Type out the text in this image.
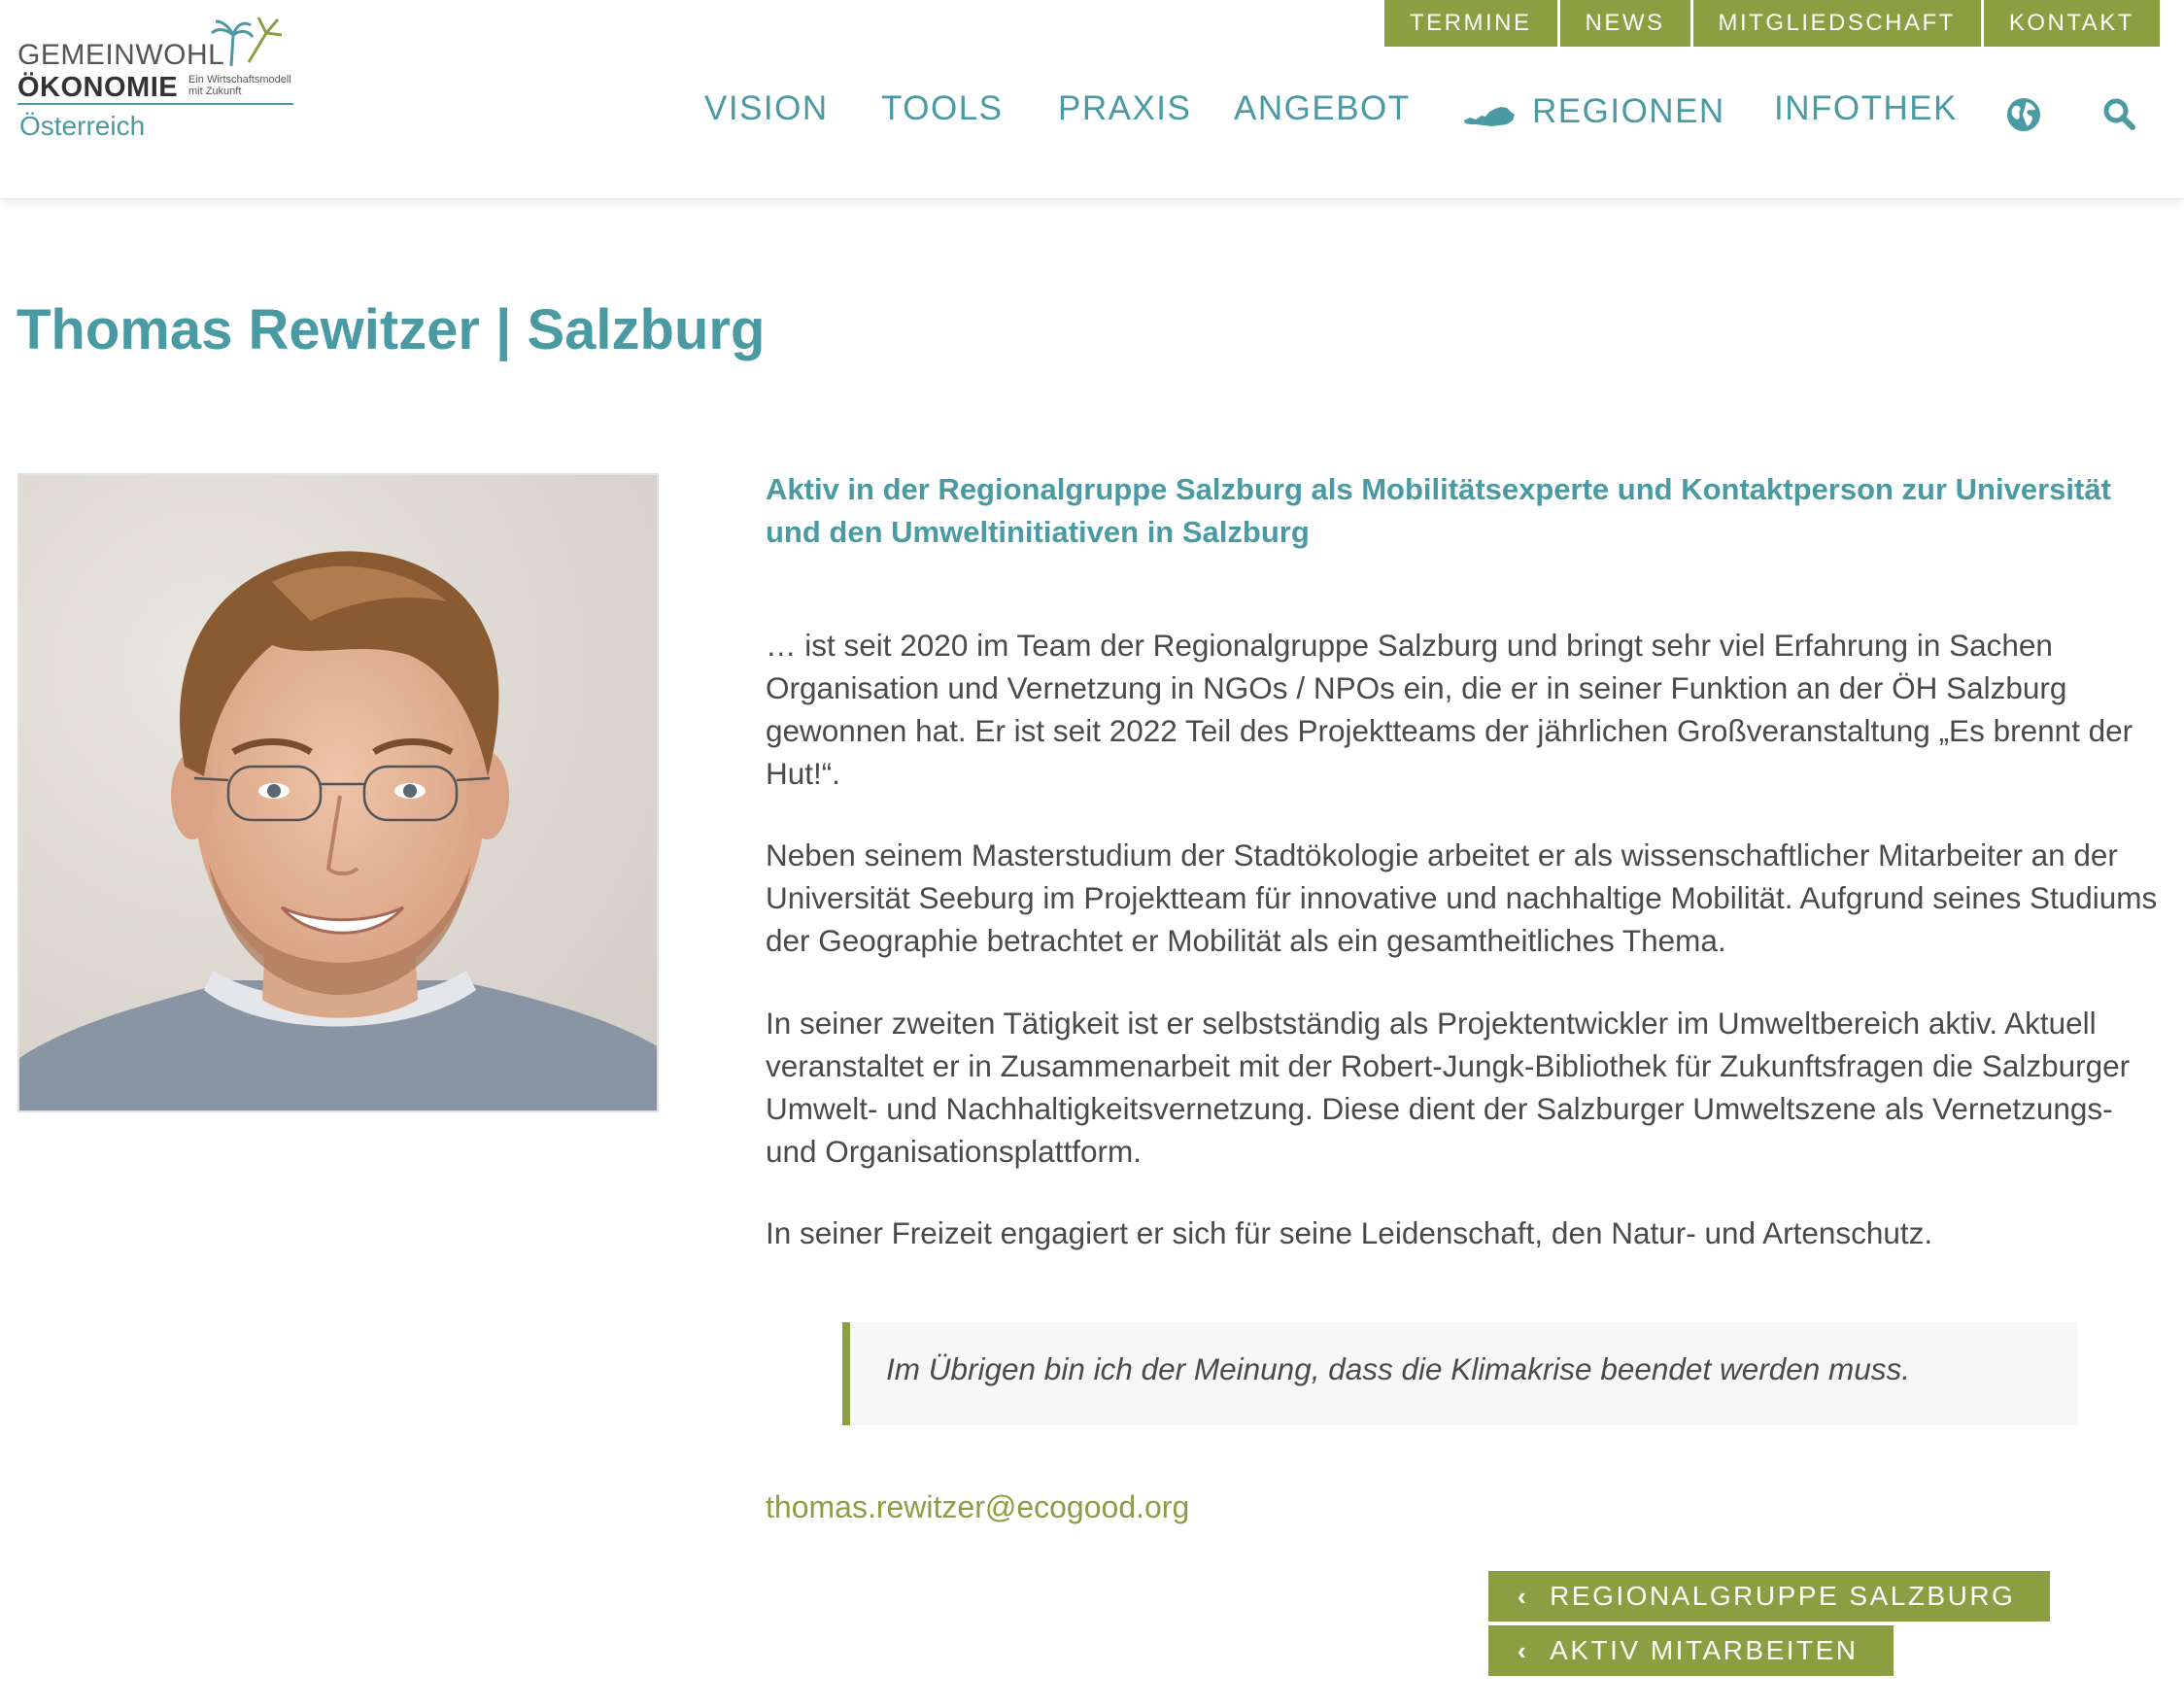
GEMEINWOHL
ÖKONOMIE Ein Wirtschaftsmodell
mit Zukunft
Österreich
TERMINE	NEWS	MITGLIEDSCHAFT	KONTAKT
VISION TOOLS PRAXIS ANGEBOT	REGIONEN INFOTHEK
Thomas Rewitzer | Salzburg
Aktiv in der Regionalgruppe Salzburg als Mobilitätsexperte und Kontaktperson zur Universität und den Umweltinitiativen in Salzburg

… ist seit 2020 im Team der Regionalgruppe Salzburg und bringt sehr viel Erfahrung in Sachen Organisation und Vernetzung in NGOs / NPOs ein, die er in seiner Funktion an der ÖH Salzburg gewonnen hat. Er ist seit 2022 Teil des Projektteams der jährlichen Großveranstaltung „Es brennt der Hut!“.

Neben seinem Masterstudium der Stadtökologie arbeitet er als wissenschaftlicher Mitarbeiter an der Universität Seeburg im Projektteam für innovative und nachhaltige Mobilität. Aufgrund seines Studiums der Geographie betrachtet er Mobilität als ein gesamtheitliches Thema.

In seiner zweiten Tätigkeit ist er selbstständig als Projektentwickler im Umweltbereich aktiv. Aktuell veranstaltet er in Zusammenarbeit mit der Robert-Jungk-Bibliothek für Zukunftsfragen die Salzburger Umwelt- und Nachhaltigkeitsvernetzung. Diese dient der Salzburger Umweltszene als Vernetzungs- und Organisationsplattform.

In seiner Freizeit engagiert er sich für seine Leidenschaft, den Natur- und Artenschutz.

Im Übrigen bin ich der Meinung, dass die Klimakrise beendet werden muss.
thomas.rewitzer@ecogood.org
‹ REGIONALGRUPPE SALZBURG
‹ AKTIV MITARBEITEN
